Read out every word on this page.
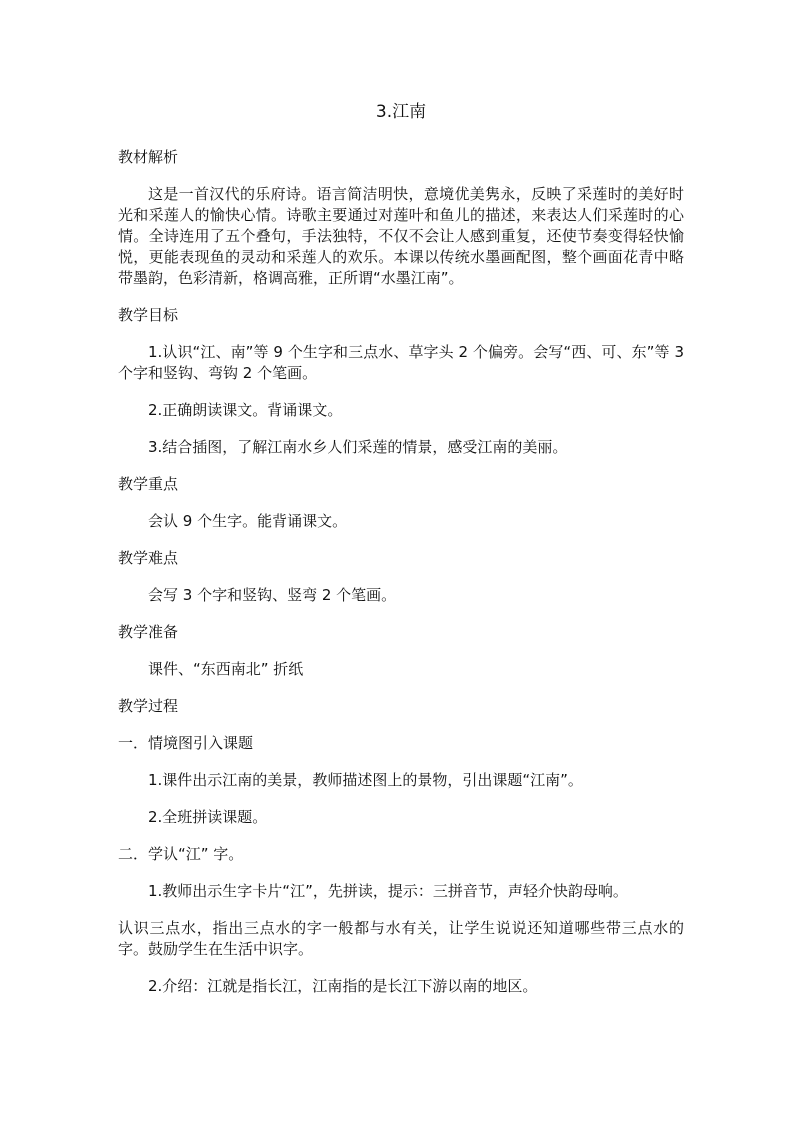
3.江南
教材解析
这是一首汉代的乐府诗。语言简洁明快，意境优美隽永，反映了采莲时的美好时光和采莲人的愉快心情。诗歌主要通过对莲叶和鱼儿的描述，来表达人们采莲时的心情。全诗连用了五个叠句，手法独特，不仅不会让人感到重复，还使节奏变得轻快愉悦，更能表现鱼的灵动和采莲人的欢乐。本课以传统水墨画配图，整个画面花青中略带墨韵，色彩清新，格调高雅，正所谓“水墨江南”。
教学目标
1.认识“江、南”等 9 个生字和三点水、草字头 2 个偏旁。会写“西、可、东”等 3 个字和竖钩、弯钩 2 个笔画。
2.正确朗读课文。背诵课文。
3.结合插图，了解江南水乡人们采莲的情景，感受江南的美丽。
教学重点
会认 9 个生字。能背诵课文。
教学难点
会写 3 个字和竖钩、竖弯 2 个笔画。
教学准备
课件、“东西南北” 折纸
教学过程
一．情境图引入课题
1.课件出示江南的美景，教师描述图上的景物，引出课题“江南”。
2.全班拼读课题。
二．学认“江” 字。
1.教师出示生字卡片“江”，先拼读，提示：三拼音节，声轻介快韵母响。
认识三点水，指出三点水的字一般都与水有关，让学生说说还知道哪些带三点水的字。鼓励学生在生活中识字。
2.介绍：江就是指长江，江南指的是长江下游以南的地区。
